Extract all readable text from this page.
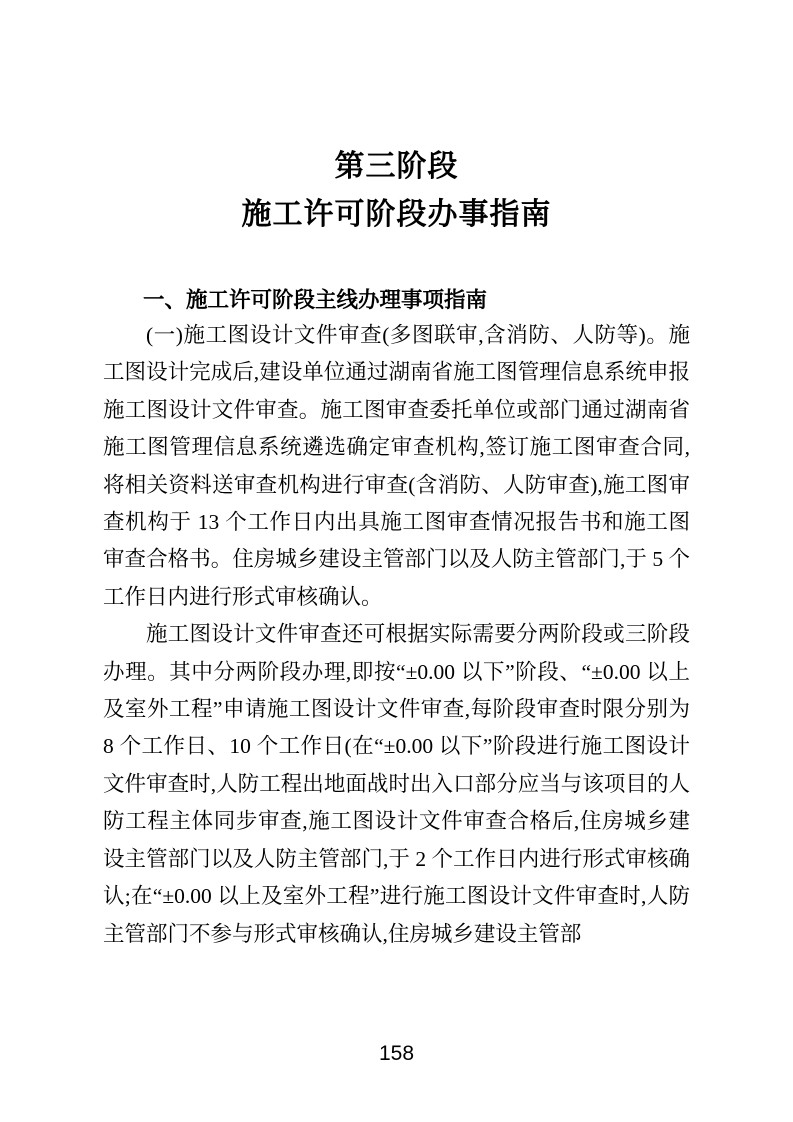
第三阶段
施工许可阶段办事指南
一、施工许可阶段主线办理事项指南

(一)施工图设计文件审查(多图联审,含消防、人防等)。施工图设计完成后,建设单位通过湖南省施工图管理信息系统申报施工图设计文件审查。施工图审查委托单位或部门通过湖南省施工图管理信息系统遴选确定审查机构,签订施工图审查合同,将相关资料送审查机构进行审查(含消防、人防审查),施工图审查机构于 13 个工作日内出具施工图审查情况报告书和施工图审查合格书。住房城乡建设主管部门以及人防主管部门,于 5 个工作日内进行形式审核确认。

施工图设计文件审查还可根据实际需要分两阶段或三阶段办理。其中分两阶段办理,即按“±0.00 以下”阶段、“±0.00 以上及室外工程”申请施工图设计文件审查,每阶段审查时限分别为 8 个工作日、10 个工作日(在“±0.00 以下”阶段进行施工图设计文件审查时,人防工程出地面战时出入口部分应当与该项目的人防工程主体同步审查,施工图设计文件审查合格后,住房城乡建设主管部门以及人防主管部门,于 2 个工作日内进行形式审核确认;在“±0.00 以上及室外工程”进行施工图设计文件审查时,人防主管部门不参与形式审核确认,住房城乡建设主管部

158
